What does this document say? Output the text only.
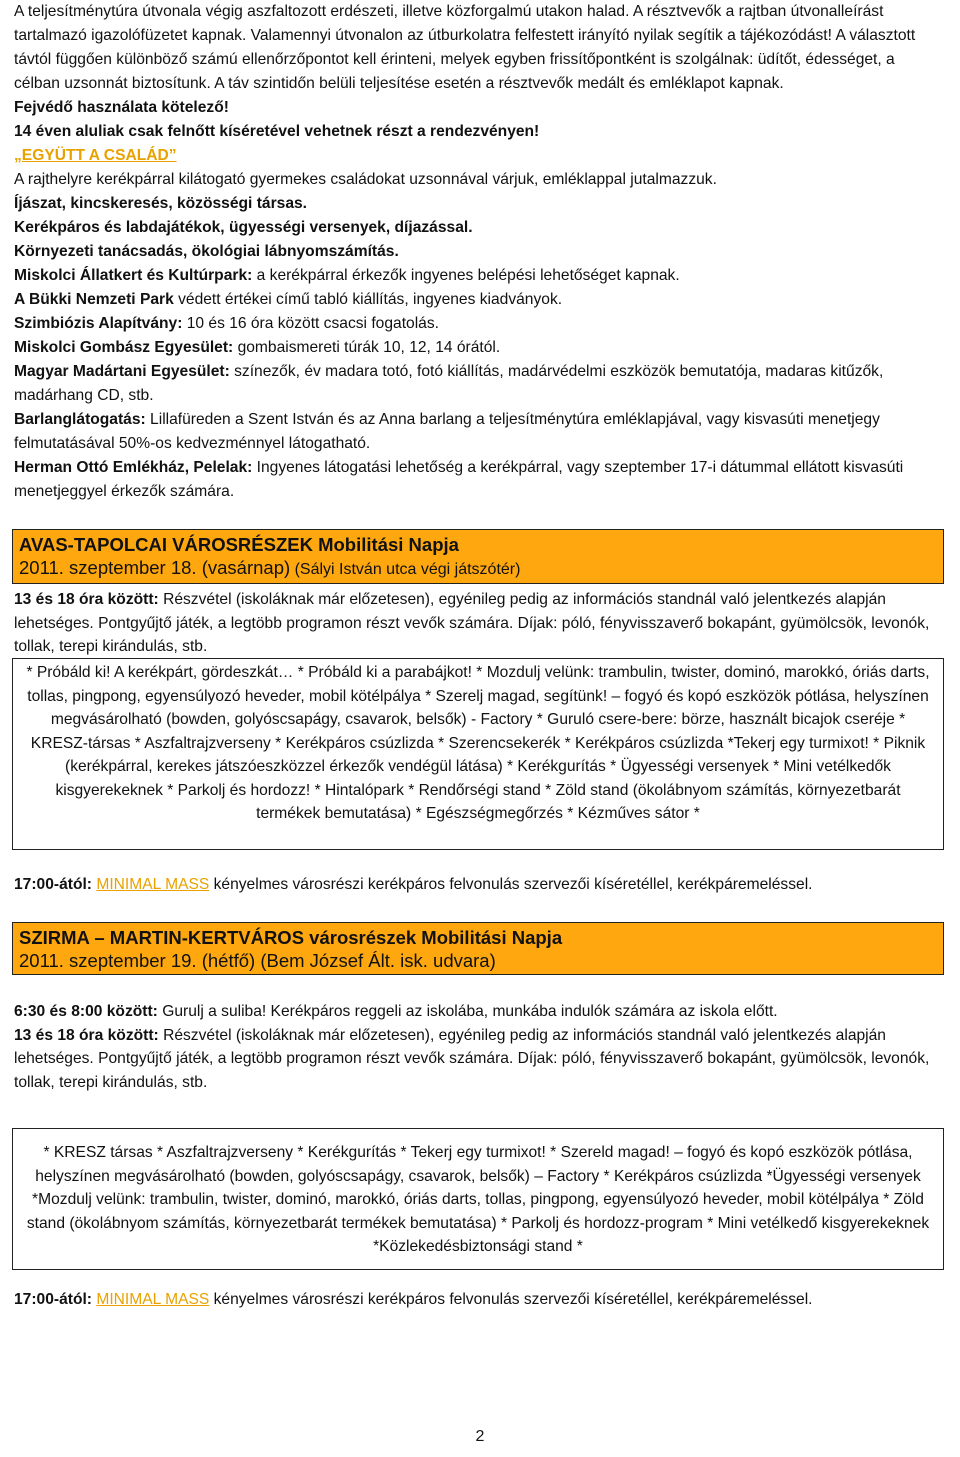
A teljesítménytúra útvonala végig aszfaltozott erdészeti, illetve közforgalmú utakon halad. A résztvevők a rajtban útvonalleírást tartalmazó igazolófüzetet kapnak. Valamennyi útvonalon az útburkolatra felfestett irányító nyilak segítik a tájékozódást! A választott távtól függően különböző számú ellenőrzőpontot kell érinteni, melyek egyben frissítőpontként is szolgálnak: üdítőt, édességet, a célban uzsonnát biztosítunk. A táv szintidőn belüli teljesítése esetén a résztvevők medált és emléklapot kapnak.

Fejvédő használata kötelező!

14 éven aluliak csak felnőtt kíséretével vehetnek részt a rendezvényen!

„EGYÜTT A CSALÁD”

A rajthelyre kerékpárral kilátogató gyermekes családokat uzsonnával várjuk, emléklappal jutalmazzuk.

Íjászat, kincskeresés, közösségi társas.

Kerékpáros és labdajátékok, ügyességi versenyek, díjazással.

Környezeti tanácsadás, ökológiai lábnyomszámítás.

Miskolci Állatkert és Kultúrpark: a kerékpárral érkezők ingyenes belépési lehetőséget kapnak.

A Bükki Nemzeti Park védett értékei című tabló kiállítás, ingyenes kiadványok.

Szimbiózis Alapítvány: 10 és 16 óra között csacsi fogatolás.

Miskolci Gombász Egyesület: gombaismereti túrák 10, 12, 14 órától.

Magyar Madártani Egyesület: színezők, év madara totó, fotó kiállítás, madárvédelmi eszközök bemutatója, madaras kitűzők, madárhang CD, stb.

Barlanglátogatás: Lillafüreden a Szent István és az Anna barlang a teljesítménytúra emléklapjával, vagy kisvasúti menetjegy felmutatásával 50%-os kedvezménnyel látogatható.

Herman Ottó Emlékház, Pelelak: Ingyenes látogatási lehetőség a kerékpárral, vagy szeptember 17-i dátummal ellátott kisvasúti menetjeggyel érkezők számára.

AVAS-TAPOLCAI VÁROSRÉSZEK Mobilitási Napja
2011. szeptember 18. (vasárnap) (Sályi István utca végi játszótér)

13 és 18 óra között: Részvétel (iskoláknak már előzetesen), egyénileg pedig az információs standnál való jelentkezés alapján lehetséges. Pontgyűjtő játék, a legtöbb programon részt vevők számára. Díjak: póló, fényvisszaverő bokapánt, gyümölcsök, levonók, tollak, terepi kirándulás, stb.

* Próbáld ki! A kerékpárt, gördeszkát… * Próbáld ki a parabájkot! * Mozdulj velünk: trambulin, twister, dominó, marokkó, óriás darts, tollas, pingpong, egyensúlyozó heveder, mobil kötélpálya * Szerelj magad, segítünk! – fogyó és kopó eszközök pótlása, helyszínen megvásárolható (bowden, golyóscsapágy, csavarok, belsők) - Factory * Guruló csere-bere: börze, használt bicajok cseréje * KRESZ-társas * Aszfaltrajzverseny * Kerékpáros csúzlizda * Szerencsekerék * Kerékpáros csúzlizda *Tekerj egy turmixot! * Piknik (kerékpárral, kerekes játszóeszközzel érkezők vendégül látása) * Kerékgurítás * Ügyességi versenyek * Mini vetélkedők kisgyerekeknek * Parkolj és hordozz! * Hintalópark * Rendőrségi stand * Zöld stand (ökolábnyom számítás, környezetbarát termékek bemutatása) * Egészségmegőrzés * Kézműves sátor *

17:00-ától: MINIMAL MASS kényelmes városrészi kerékpáros felvonulás szervezői kíséretéllel, kerékpáremeléssel.

SZIRMA – MARTIN-KERTVÁROS városrészek Mobilitási Napja
2011. szeptember 19. (hétfő) (Bem József Ált. isk. udvara)

6:30 és 8:00 között: Gurulj a suliba! Kerékpáros reggeli az iskolába, munkába indulók számára az iskola előtt.

13 és 18 óra között: Részvétel (iskoláknak már előzetesen), egyénileg pedig az információs standnál való jelentkezés alapján lehetséges. Pontgyűjtő játék, a legtöbb programon részt vevők számára. Díjak: póló, fényvisszaverő bokapánt, gyümölcsök, levonók, tollak, terepi kirándulás, stb.

* KRESZ társas * Aszfaltrajzverseny * Kerékgurítás * Tekerj egy turmixot! * Szereld magad! – fogyó és kopó eszközök pótlása, helyszínen megvásárolható (bowden, golyóscsapágy, csavarok, belsők) – Factory * Kerékpáros csúzlizda *Ügyességi versenyek *Mozdulj velünk: trambulin, twister, dominó, marokkó, óriás darts, tollas, pingpong, egyensúlyozó heveder, mobil kötélpálya * Zöld stand (ökolábnyom számítás, környezetbarát termékek bemutatása) * Parkolj és hordozz-program * Mini vetélkedő kisgyerekeknek *Közlekedésbiztonsági stand *

17:00-ától: MINIMAL MASS kényelmes városrészi kerékpáros felvonulás szervezői kíséretéllel, kerékpáremeléssel.

2
